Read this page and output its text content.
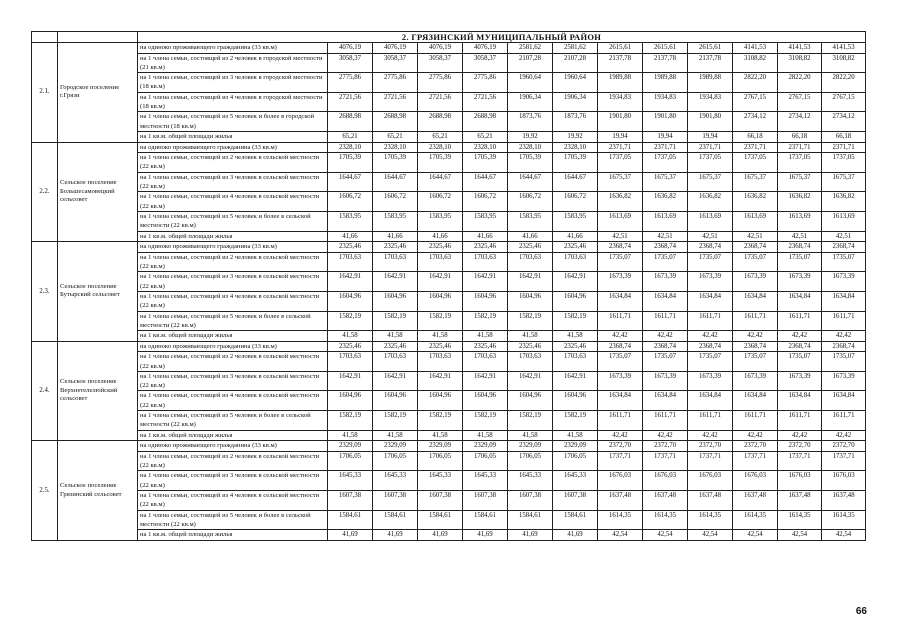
		2. ГРЯЗИНСКИЙ МУНИЦИПАЛЬНЫЙ РАЙОН												
2.1.	Городское поселение г.Грязи	на одиноко проживающего гражданина (33 кв.м)	4076,19	4076,19	4076,19	4076,19	2581,62	2581,62	2615,61	2615,61	2615,61	4141,53	4141,53	4141,53
		на 1 члена семьи, состоящей из 2 человек в городской местности (21 кв.м)	3058,37	3058,37	3058,37	3058,37	2107,28	2107,28	2137,78	2137,78	2137,78	3108,82	3108,82	3108,82
		на 1 члена семьи, состоящей из 3 человек в городской местности (18 кв.м)	2775,86	2775,86	2775,86	2775,86	1960,64	1960,64	1989,88	1989,88	1989,88	2822,20	2822,20	2822,20
		на 1 члена семьи, состоящей из 4 человек в городской местности (18 кв.м)	2721,56	2721,56	2721,56	2721,56	1906,34	1906,34	1934,83	1934,83	1934,83	2767,15	2767,15	2767,15
		на 1 члена семьи, состоящей из 5 человек и более в городской местности (18 кв.м)	2688,98	2688,98	2688,98	2688,98	1873,76	1873,76	1901,80	1901,80	1901,80	2734,12	2734,12	2734,12
		на 1 кв.м. общей площади жилья	65,21	65,21	65,21	65,21	19,92	19,92	19,94	19,94	19,94	66,18	66,18	66,18
2.2.	Сельское поселение Большесамовецкий сельсовет	на одиноко проживающего гражданина (33 кв.м)	2328,10	2328,10	2328,10	2328,10	2328,10	2328,10	2371,71	2371,71	2371,71	2371,71	2371,71	2371,71
		на 1 члена семьи, состоящей из 2 человек в сельской местности (22 кв.м)	1705,39	1705,39	1705,39	1705,39	1705,39	1705,39	1737,05	1737,05	1737,05	1737,05	1737,05	1737,05
		на 1 члена семьи, состоящей из 3 человек в сельской местности (22 кв.м)	1644,67	1644,67	1644,67	1644,67	1644,67	1644,67	1675,37	1675,37	1675,37	1675,37	1675,37	1675,37
		на 1 члена семьи, состоящей из 4 человек в сельской местности (22 кв.м)	1606,72	1606,72	1606,72	1606,72	1606,72	1606,72	1636,82	1636,82	1636,82	1636,82	1636,82	1636,82
		на 1 члена семьи, состоящей из 5 человек и более в сельской местности (22 кв.м)	1583,95	1583,95	1583,95	1583,95	1583,95	1583,95	1613,69	1613,69	1613,69	1613,69	1613,69	1613,69
		на 1 кв.м. общей площади жилья	41,66	41,66	41,66	41,66	41,66	41,66	42,51	42,51	42,51	42,51	42,51	42,51
2.3.	Сельское поселение Бутырский сельсовет	на одиноко проживающего гражданина (33 кв.м)	2325,46	2325,46	2325,46	2325,46	2325,46	2325,46	2368,74	2368,74	2368,74	2368,74	2368,74	2368,74
		на 1 члена семьи, состоящей из 2 человек в сельской местности (22 кв.м)	1703,63	1703,63	1703,63	1703,63	1703,63	1703,63	1735,07	1735,07	1735,07	1735,07	1735,07	1735,07
		на 1 члена семьи, состоящей из 3 человек в сельской местности (22 кв.м)	1642,91	1642,91	1642,91	1642,91	1642,91	1642,91	1673,39	1673,39	1673,39	1673,39	1673,39	1673,39
		на 1 члена семьи, состоящей из 4 человек в сельской местности (22 кв.м)	1604,96	1604,96	1604,96	1604,96	1604,96	1604,96	1634,84	1634,84	1634,84	1634,84	1634,84	1634,84
		на 1 члена семьи, состоящей из 5 человек и более в сельской местности (22 кв.м)	1582,19	1582,19	1582,19	1582,19	1582,19	1582,19	1611,71	1611,71	1611,71	1611,71	1611,71	1611,71
		на 1 кв.м. общей площади жилья	41,58	41,58	41,58	41,58	41,58	41,58	42,42	42,42	42,42	42,42	42,42	42,42
2.4.	Сельское поселение Верхнетелелюйский сельсовет	на одиноко проживающего гражданина (33 кв.м)	2325,46	2325,46	2325,46	2325,46	2325,46	2325,46	2368,74	2368,74	2368,74	2368,74	2368,74	2368,74
		на 1 члена семьи, состоящей из 2 человек в сельской местности (22 кв.м)	1703,63	1703,63	1703,63	1703,63	1703,63	1703,63	1735,07	1735,07	1735,07	1735,07	1735,07	1735,07
		на 1 члена семьи, состоящей из 3 человек в сельской местности (22 кв.м)	1642,91	1642,91	1642,91	1642,91	1642,91	1642,91	1673,39	1673,39	1673,39	1673,39	1673,39	1673,39
		на 1 члена семьи, состоящей из 4 человек в сельской местности (22 кв.м)	1604,96	1604,96	1604,96	1604,96	1604,96	1604,96	1634,84	1634,84	1634,84	1634,84	1634,84	1634,84
		на 1 члена семьи, состоящей из 5 человек и более в сельской местности (22 кв.м)	1582,19	1582,19	1582,19	1582,19	1582,19	1582,19	1611,71	1611,71	1611,71	1611,71	1611,71	1611,71
		на 1 кв.м. общей площади жилья	41,58	41,58	41,58	41,58	41,58	41,58	42,42	42,42	42,42	42,42	42,42	42,42
2.5.	Сельское поселение Грязинский сельсовет	на одиноко проживающего гражданина (33 кв.м)	2329,09	2329,09	2329,09	2329,09	2329,09	2329,09	2372,70	2372,70	2372,70	2372,70	2372,70	2372,70
		на 1 члена семьи, состоящей из 2 человек в сельской местности (22 кв.м)	1706,05	1706,05	1706,05	1706,05	1706,05	1706,05	1737,71	1737,71	1737,71	1737,71	1737,71	1737,71
		на 1 члена семьи, состоящей из 3 человек в сельской местности (22 кв.м)	1645,33	1645,33	1645,33	1645,33	1645,33	1645,33	1676,03	1676,03	1676,03	1676,03	1676,03	1676,03
		на 1 члена семьи, состоящей из 4 человек в сельской местности (22 кв.м)	1607,38	1607,38	1607,38	1607,38	1607,38	1607,38	1637,48	1637,48	1637,48	1637,48	1637,48	1637,48
		на 1 члена семьи, состоящей из 5 человек и более в сельской местности (22 кв.м)	1584,61	1584,61	1584,61	1584,61	1584,61	1584,61	1614,35	1614,35	1614,35	1614,35	1614,35	1614,35
		на 1 кв.м. общей площади жилья	41,69	41,69	41,69	41,69	41,69	41,69	42,54	42,54	42,54	42,54	42,54	42,54
66
